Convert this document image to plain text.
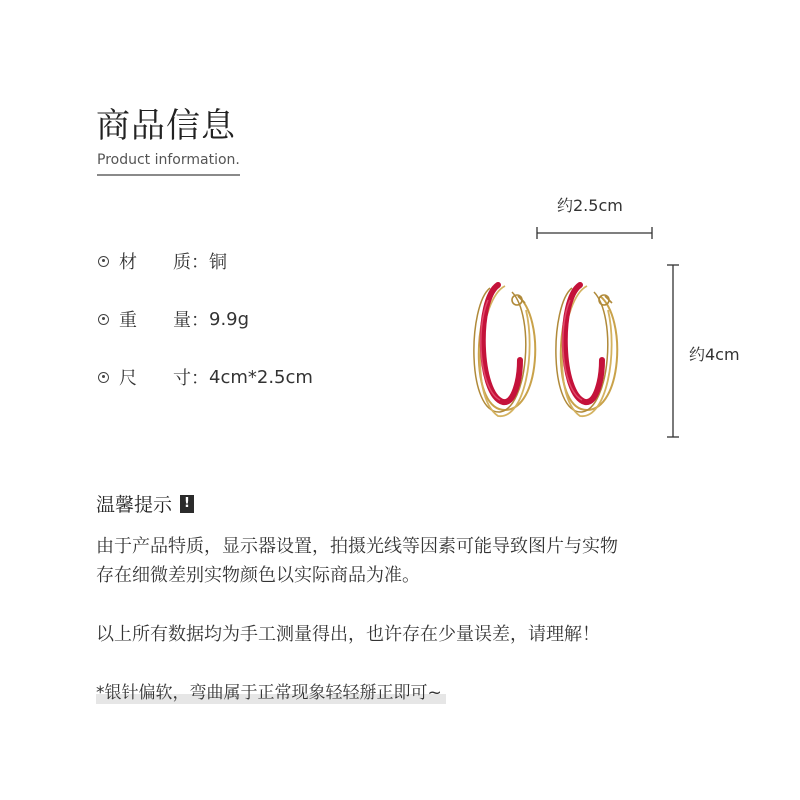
商品信息
Product information.
材	质： 铜
重	量： 9.9g
尺	寸： 4cm*2.5cm
约2.5cm
约4cm
温馨提示 !
由于产品特质，显示器设置，拍摄光线等因素可能导致图片与实物
存在细微差别实物颜色以实际商品为准。
以上所有数据均为手工测量得出，也许存在少量误差，请理解！
*银针偏软，弯曲属于正常现象轻轻掰正即可~
